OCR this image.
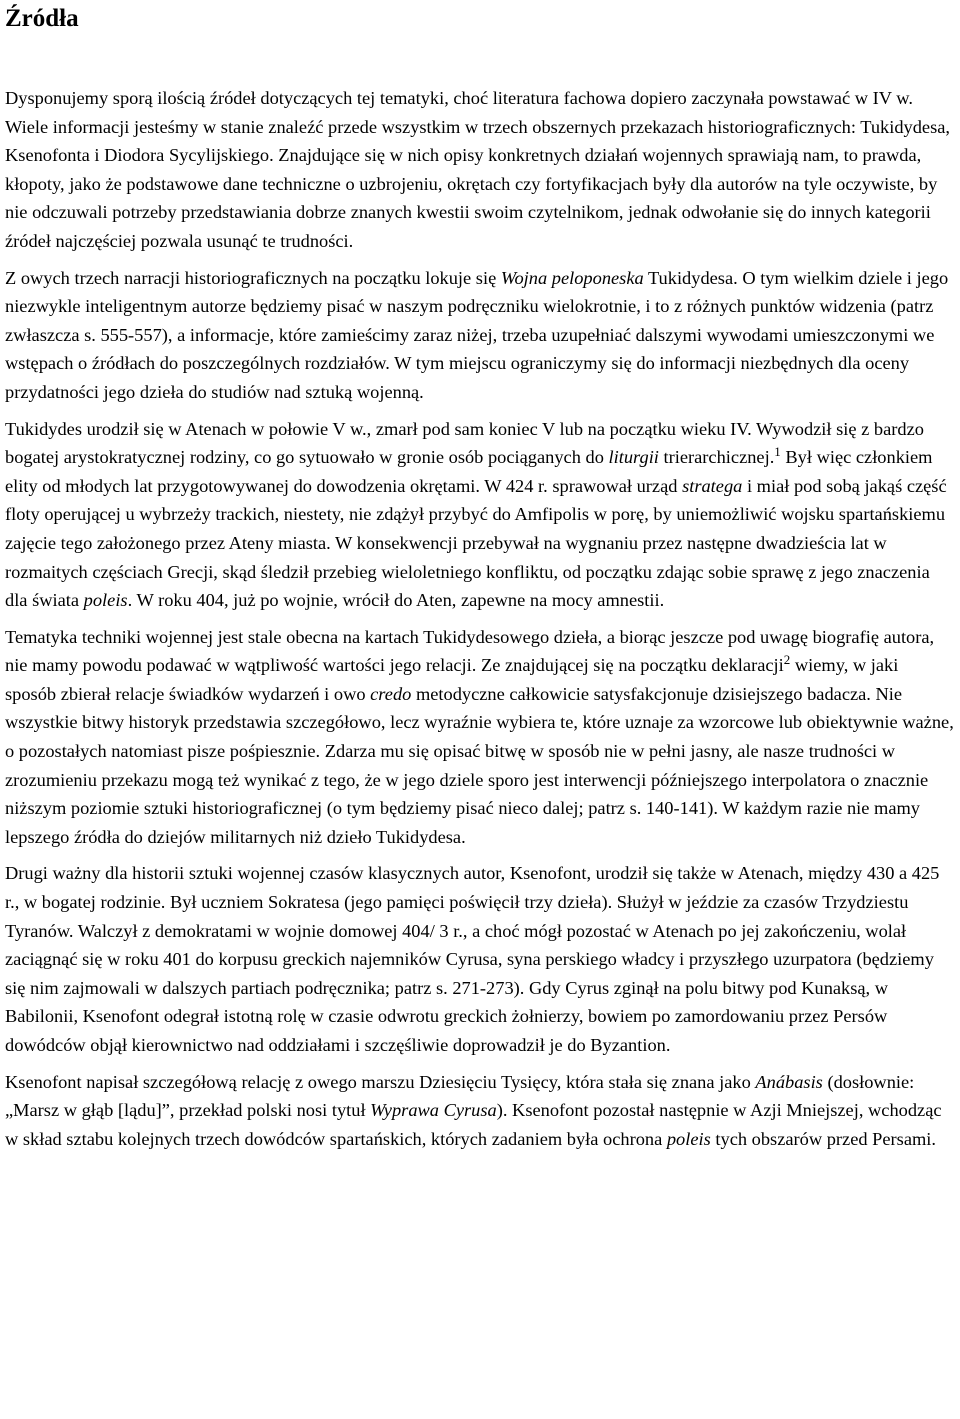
Źródła

Dysponujemy sporą ilością źródeł dotyczących tej tematyki, choć literatura fachowa dopiero zaczynała powstawać w IV w. Wiele informacji jesteśmy w stanie znaleźć przede wszystkim w trzech obszernych przekazach historiograficznych: Tukidydesa, Ksenofonta i Diodora Sycylijskiego. Znajdujące się w nich opisy konkretnych działań wojennych sprawiają nam, to prawda, kłopoty, jako że podstawowe dane techniczne o uzbrojeniu, okrętach czy fortyfikacjach były dla autorów na tyle oczywiste, by nie odczuwali potrzeby przedstawiania dobrze znanych kwestii swoim czytelnikom, jednak odwołanie się do innych kategorii źródeł najczęściej pozwala usunąć te trudności.

Z owych trzech narracji historiograficznych na początku lokuje się Wojna peloponeska Tukidydesa. O tym wielkim dziele i jego niezwykle inteligentnym autorze będziemy pisać w naszym podręczniku wielokrotnie, i to z różnych punktów widzenia (patrz zwłaszcza s. 555-557), a informacje, które zamieścimy zaraz niżej, trzeba uzupełniać dalszymi wywodami umieszczonymi we wstępach o źródłach do poszczególnych rozdziałów. W tym miejscu ograniczymy się do informacji niezbędnych dla oceny przydatności jego dzieła do studiów nad sztuką wojenną.

Tukidydes urodził się w Atenach w połowie V w., zmarł pod sam koniec V lub na początku wieku IV. Wywodził się z bardzo bogatej arystokratycznej rodziny, co go sytuowało w gronie osób pociąganych do liturgii trierarchicznej.$^1$ Był więc członkiem elity od młodych lat przygotowywanej do dowodzenia okrętami. W 424 r. sprawował urząd stratega i miał pod sobą jakąś część floty operującej u wybrzeży trackich, niestety, nie zdążył przybyć do Amfipolis w porę, by uniemożliwić wojsku spartańskiemu zajęcie tego założonego przez Ateny miasta. W konsekwencji przebywał na wygnaniu przez następne dwadzieścia lat w rozmaitych częściach Grecji, skąd śledził przebieg wieloletniego konfliktu, od początku zdając sobie sprawę z jego znaczenia dla świata poleis. W roku 404, już po wojnie, wrócił do Aten, zapewne na mocy amnestii.

Tematyka techniki wojennej jest stale obecna na kartach Tukidydesowego dzieła, a biorąc jeszcze pod uwagę biografię autora, nie mamy powodu podawać w wątpliwość wartości jego relacji. Ze znajdującej się na początku deklaracji$^2$ wiemy, w jaki sposób zbierał relacje świadków wydarzeń i owo credo metodyczne całkowicie satysfakcjonuje dzisiejszego badacza. Nie wszystkie bitwy historyk przedstawia szczegółowo, lecz wyraźnie wybiera te, które uznaje za wzorcowe lub obiektywnie ważne, o pozostałych natomiast pisze pośpiesznie. Zdarza mu się opisać bitwę w sposób nie w pełni jasny, ale nasze trudności w zrozumieniu przekazu mogą też wynikać z tego, że w jego dziele sporo jest interwencji późniejszego interpolatora o znacznie niższym poziomie sztuki historiograficznej (o tym będziemy pisać nieco dalej; patrz s. 140-141). W każdym razie nie mamy lepszego źródła do dziejów militarnych niż dzieło Tukidydesa.

Drugi ważny dla historii sztuki wojennej czasów klasycznych autor, Ksenofont, urodził się także w Atenach, między 430 a 425 r., w bogatej rodzinie. Był uczniem Sokratesa (jego pamięci poświęcił trzy dzieła). Służył w jeździe za czasów Trzydziestu Tyranów. Walczył z demokratami w wojnie domowej 404/ 3 r., a choć mógł pozostać w Atenach po jej zakończeniu, wolał zaciągnąć się w roku 401 do korpusu greckich najemników Cyrusa, syna perskiego władcy i przyszłego uzurpatora (będziemy się nim zajmowali w dalszych partiach podręcznika; patrz s. 271-273). Gdy Cyrus zginął na polu bitwy pod Kunaksą, w Babilonii, Ksenofont odegrał istotną rolę w czasie odwrotu greckich żołnierzy, bowiem po zamordowaniu przez Persów dowódców objął kierownictwo nad oddziałami i szczęśliwie doprowadził je do Byzantion.

Ksenofont napisał szczegółową relację z owego marszu Dziesięciu Tysięcy, która stała się znana jako Anábasis (dosłownie: „Marsz w głąb [lądu]”, przekład polski nosi tytuł Wyprawa Cyrusa). Ksenofont pozostał następnie w Azji Mniejszej, wchodząc w skład sztabu kolejnych trzech dowódców spartańskich, których zadaniem była ochrona poleis tych obszarów przed Persami.
